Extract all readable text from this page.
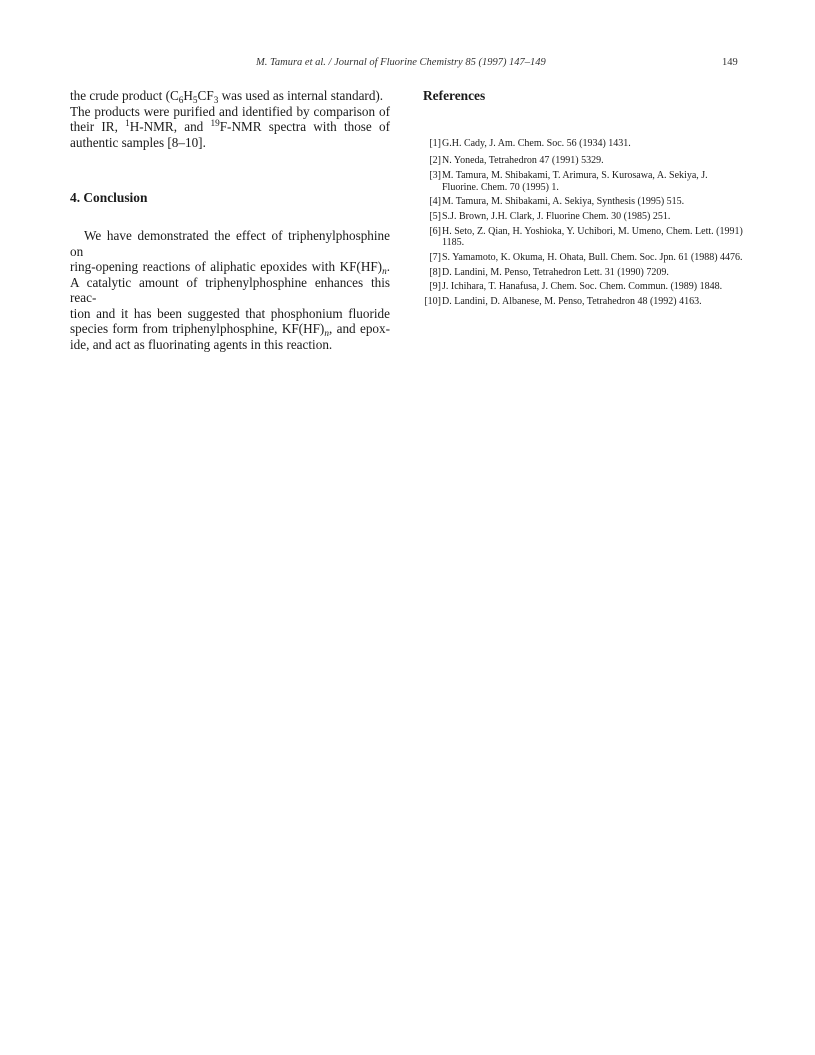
M. Tamura et al. / Journal of Fluorine Chemistry 85 (1997) 147–149	149

the crude product ($C_6H_5CF_3$ was used as internal standard).
The products were purified and identified by comparison of
their IR, $^1$H-NMR, and $^{19}$F-NMR spectra with those of
authentic samples [8–10].

4. Conclusion

We have demonstrated the effect of triphenylphosphine on
ring-opening reactions of aliphatic epoxides with $KF(HF)_n$.
A catalytic amount of triphenylphosphine enhances this reac-
tion and it has been suggested that phosphonium fluoride
species form from triphenylphosphine, $KF(HF)_n$, and epox-
ide, and act as fluorinating agents in this reaction.

References
[1] G.H. Cady, J. Am. Chem. Soc. 56 (1934) 1431.
[2] N. Yoneda, Tetrahedron 47 (1991) 5329.
[3] M. Tamura, M. Shibakami, T. Arimura, S. Kurosawa, A. Sekiya, J. Fluorine. Chem. 70 (1995) 1.
[4] M. Tamura, M. Shibakami, A. Sekiya, Synthesis (1995) 515.
[5] S.J. Brown, J.H. Clark, J. Fluorine Chem. 30 (1985) 251.
[6] H. Seto, Z. Qian, H. Yoshioka, Y. Uchibori, M. Umeno, Chem. Lett. (1991) 1185.
[7] S. Yamamoto, K. Okuma, H. Ohata, Bull. Chem. Soc. Jpn. 61 (1988) 4476.
[8] D. Landini, M. Penso, Tetrahedron Lett. 31 (1990) 7209.
[9] J. Ichihara, T. Hanafusa, J. Chem. Soc. Chem. Commun. (1989) 1848.
[10] D. Landini, D. Albanese, M. Penso, Tetrahedron 48 (1992) 4163.
